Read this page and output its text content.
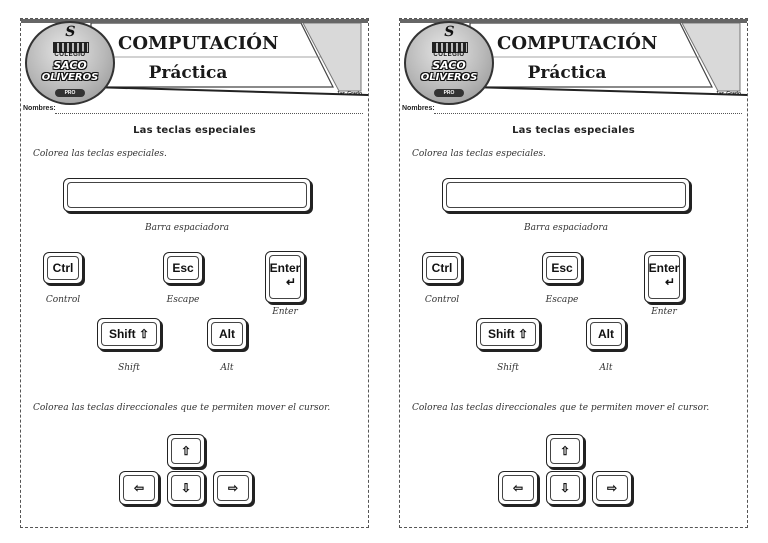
S
COLEGIO
SACO
OLIVEROS
PRO
COMPUTACIÓN
Práctica
1er. Grado
Nombres:
Las teclas especiales
Colorea las teclas especiales.
Barra espaciadora
Ctrl
Control
Esc
Escape
Enter
↵
Enter
Shift ⇧
Shift
Alt
Alt
Colorea las teclas direccionales que te permiten mover el cursor.
⇧
⇦	⇩	⇨
S
COLEGIO
SACO
OLIVEROS
PRO
COMPUTACIÓN
Práctica
1er. Grado
Nombres:
Las teclas especiales
Colorea las teclas especiales.
Barra espaciadora
Ctrl
Control
Esc
Escape
Enter
↵
Enter
Shift ⇧
Shift
Alt
Alt
Colorea las teclas direccionales que te permiten mover el cursor.
⇧
⇦	⇩	⇨
